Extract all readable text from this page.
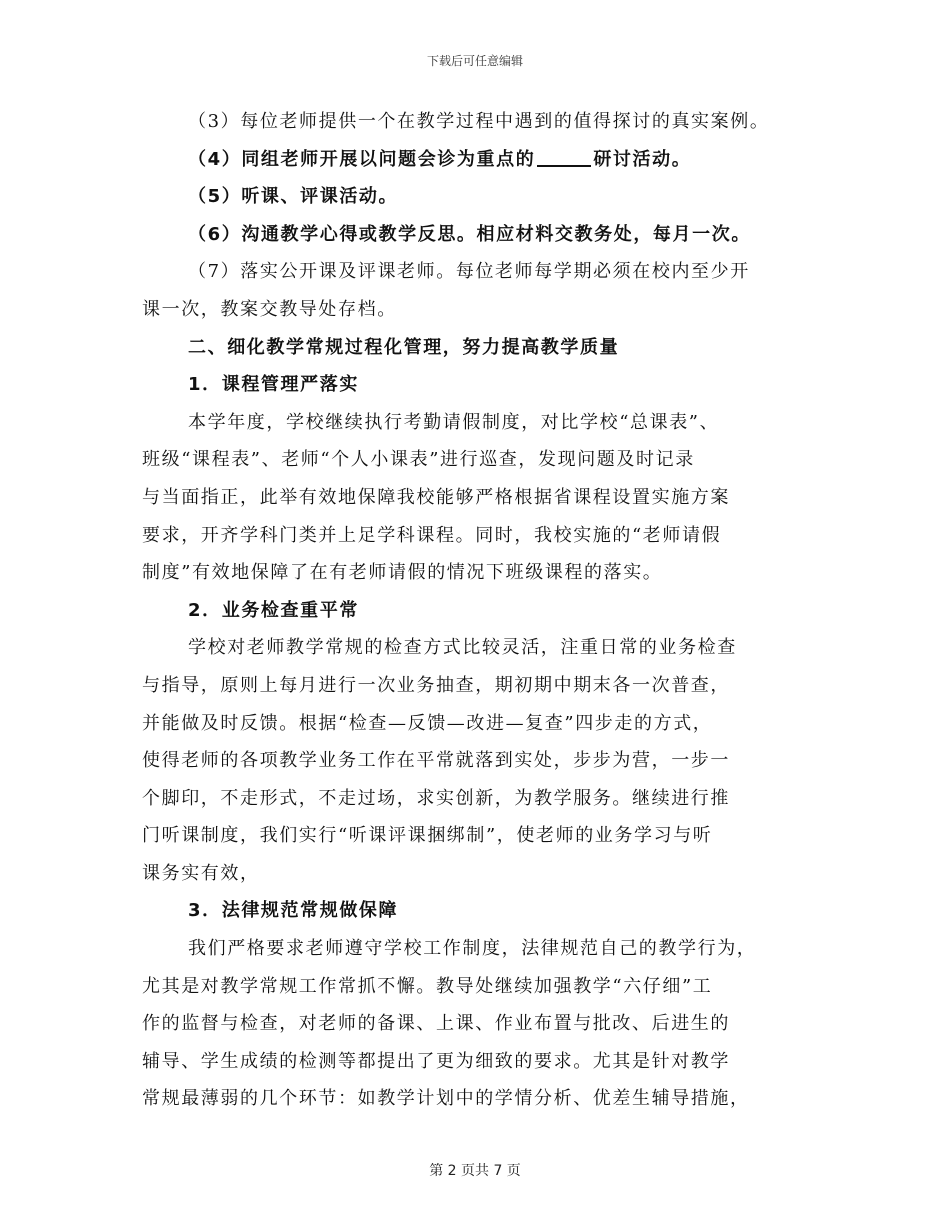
下载后可任意编辑
（3）每位老师提供一个在教学过程中遇到的值得探讨的真实案例。
（4）同组老师开展以问题会诊为重点的	研讨活动。
（5）听课、评课活动。
（6）沟通教学心得或教学反思。相应材料交教务处，每月一次。
（7）落实公开课及评课老师。每位老师每学期必须在校内至少开
课一次，教案交教导处存档。
二、细化教学常规过程化管理，努力提高教学质量
1．课程管理严落实
本学年度，学校继续执行考勤请假制度，对比学校“总课表”、
班级“课程表”、老师“个人小课表”进行巡查，发现问题及时记录
与当面指正，此举有效地保障我校能够严格根据省课程设置实施方案
要求，开齐学科门类并上足学科课程。同时，我校实施的“老师请假
制度”有效地保障了在有老师请假的情况下班级课程的落实。
2．业务检查重平常
学校对老师教学常规的检查方式比较灵活，注重日常的业务检查
与指导，原则上每月进行一次业务抽查，期初期中期末各一次普查，
并能做及时反馈。根据“检查—反馈—改进—复查”四步走的方式，
使得老师的各项教学业务工作在平常就落到实处，步步为营，一步一
个脚印，不走形式，不走过场，求实创新，为教学服务。继续进行推
门听课制度，我们实行“听课评课捆绑制”，使老师的业务学习与听
课务实有效，
3．法律规范常规做保障
我们严格要求老师遵守学校工作制度，法律规范自己的教学行为，
尤其是对教学常规工作常抓不懈。教导处继续加强教学“六仔细”工
作的监督与检查，对老师的备课、上课、作业布置与批改、后进生的
辅导、学生成绩的检测等都提出了更为细致的要求。尤其是针对教学
常规最薄弱的几个环节：如教学计划中的学情分析、优差生辅导措施，
第 2 页共 7 页
